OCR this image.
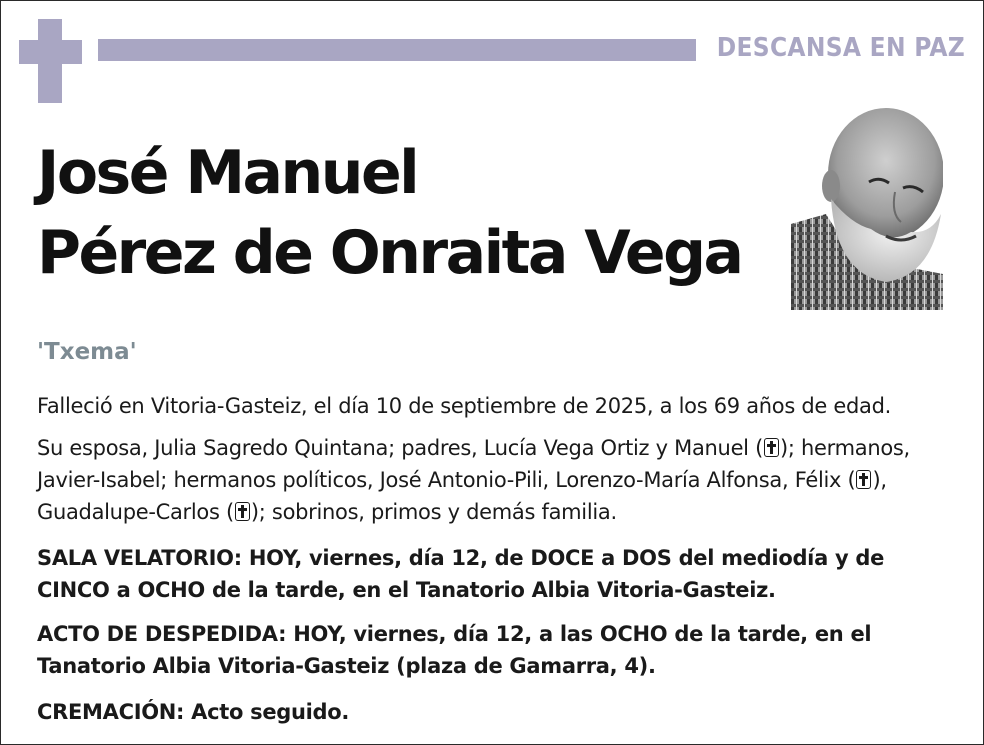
DESCANSA EN PAZ
José Manuel
Pérez de Onraita Vega
'Txema'
Falleció en Vitoria-Gasteiz, el día 10 de septiembre de 2025, a los 69 años de edad.
Su esposa, Julia Sagredo Quintana; padres, Lucía Vega Ortiz y Manuel ( ); hermanos, Javier-Isabel; hermanos políticos, José Antonio-Pili, Lorenzo-María Alfonsa, Félix ( ), Guadalupe-Carlos ( ); sobrinos, primos y demás familia.
SALA VELATORIO: HOY, viernes, día 12, de DOCE a DOS del mediodía y de CINCO a OCHO de la tarde, en el Tanatorio Albia Vitoria-Gasteiz.
ACTO DE DESPEDIDA: HOY, viernes, día 12, a las OCHO de la tarde, en el Tanatorio Albia Vitoria-Gasteiz (plaza de Gamarra, 4).
CREMACIÓN: Acto seguido.
